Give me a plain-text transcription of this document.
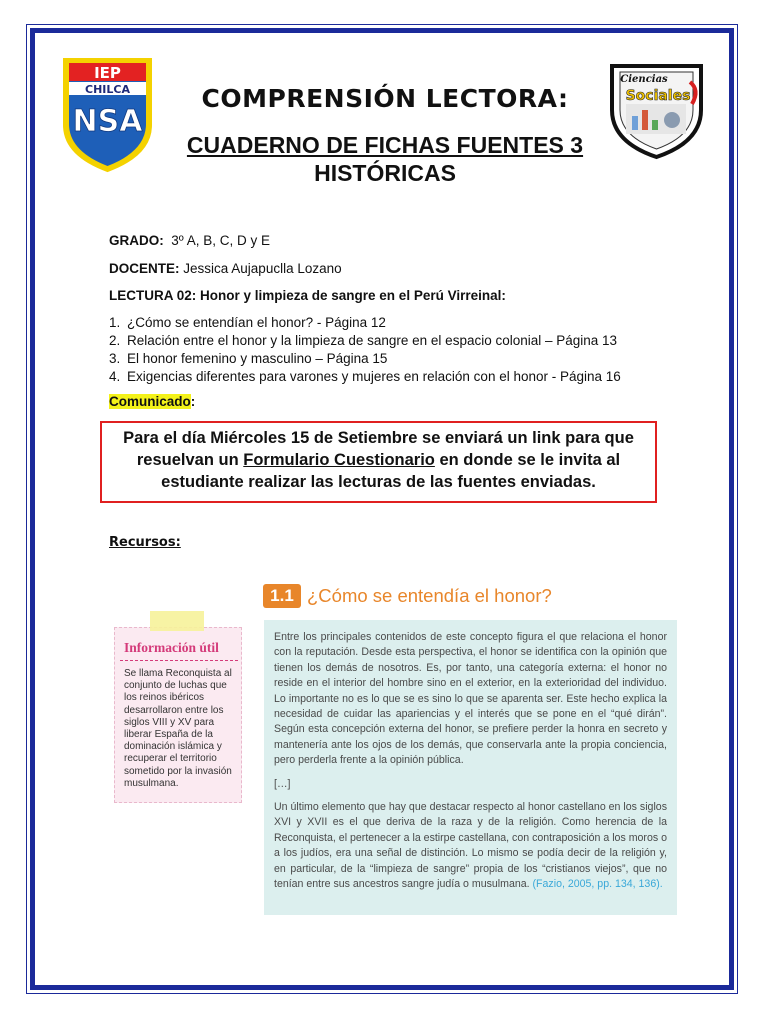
IEP
CHILCA
NSA
Ciencias
Sociales
COMPRENSIÓN LECTORA:
CUADERNO DE FICHAS FUENTES 3
HISTÓRICAS
GRADO: 3º A, B, C, D y E
DOCENTE: Jessica Aujapuclla Lozano
LECTURA 02: Honor y limpieza de sangre en el Perú Virreinal:
1. ¿Cómo se entendían el honor? - Página 12
2. Relación entre el honor y la limpieza de sangre en el espacio colonial – Página 13
3. El honor femenino y masculino – Página 15
4. Exigencias diferentes para varones y mujeres en relación con el honor - Página 16
Comunicado:
Para el día Miércoles 15 de Setiembre se enviará un link para que resuelvan un Formulario Cuestionario en donde se le invita al estudiante realizar las lecturas de las fuentes enviadas.
Recursos:
1.1 ¿Cómo se entendía el honor?
Información útil
Se llama Reconquista al conjunto de luchas que los reinos ibéricos desarrollaron entre los siglos VIII y XV para liberar España de la dominación islámica y recuperar el territorio sometido por la invasión musulmana.

Entre los principales contenidos de este concepto figura el que relaciona el honor con la reputación. Desde esta perspectiva, el honor se identifica con la opinión que tienen los demás de nosotros. Es, por tanto, una categoría externa: el honor no reside en el interior del hombre sino en el exterior, en la exterioridad del individuo. Lo importante no es lo que se es sino lo que se aparenta ser. Este hecho explica la necesidad de cuidar las apariencias y el interés que se pone en el “qué dirán”. Según esta concepción externa del honor, se prefiere perder la honra en secreto y mantenería ante los ojos de los demás, que conservarla ante la propia conciencia, pero perderla frente a la opinión pública.

[…]

Un último elemento que hay que destacar respecto al honor castellano en los siglos XVI y XVII es el que deriva de la raza y de la religión. Como herencia de la Reconquista, el pertenecer a la estirpe castellana, con contraposición a los moros o a los judíos, era una señal de distinción. Lo mismo se podía decir de la religión y, en particular, de la “limpieza de sangre” propia de los “cristianos viejos”, que no tenían entre sus ancestros sangre judía o musulmana. (Fazio, 2005, pp. 134, 136).
